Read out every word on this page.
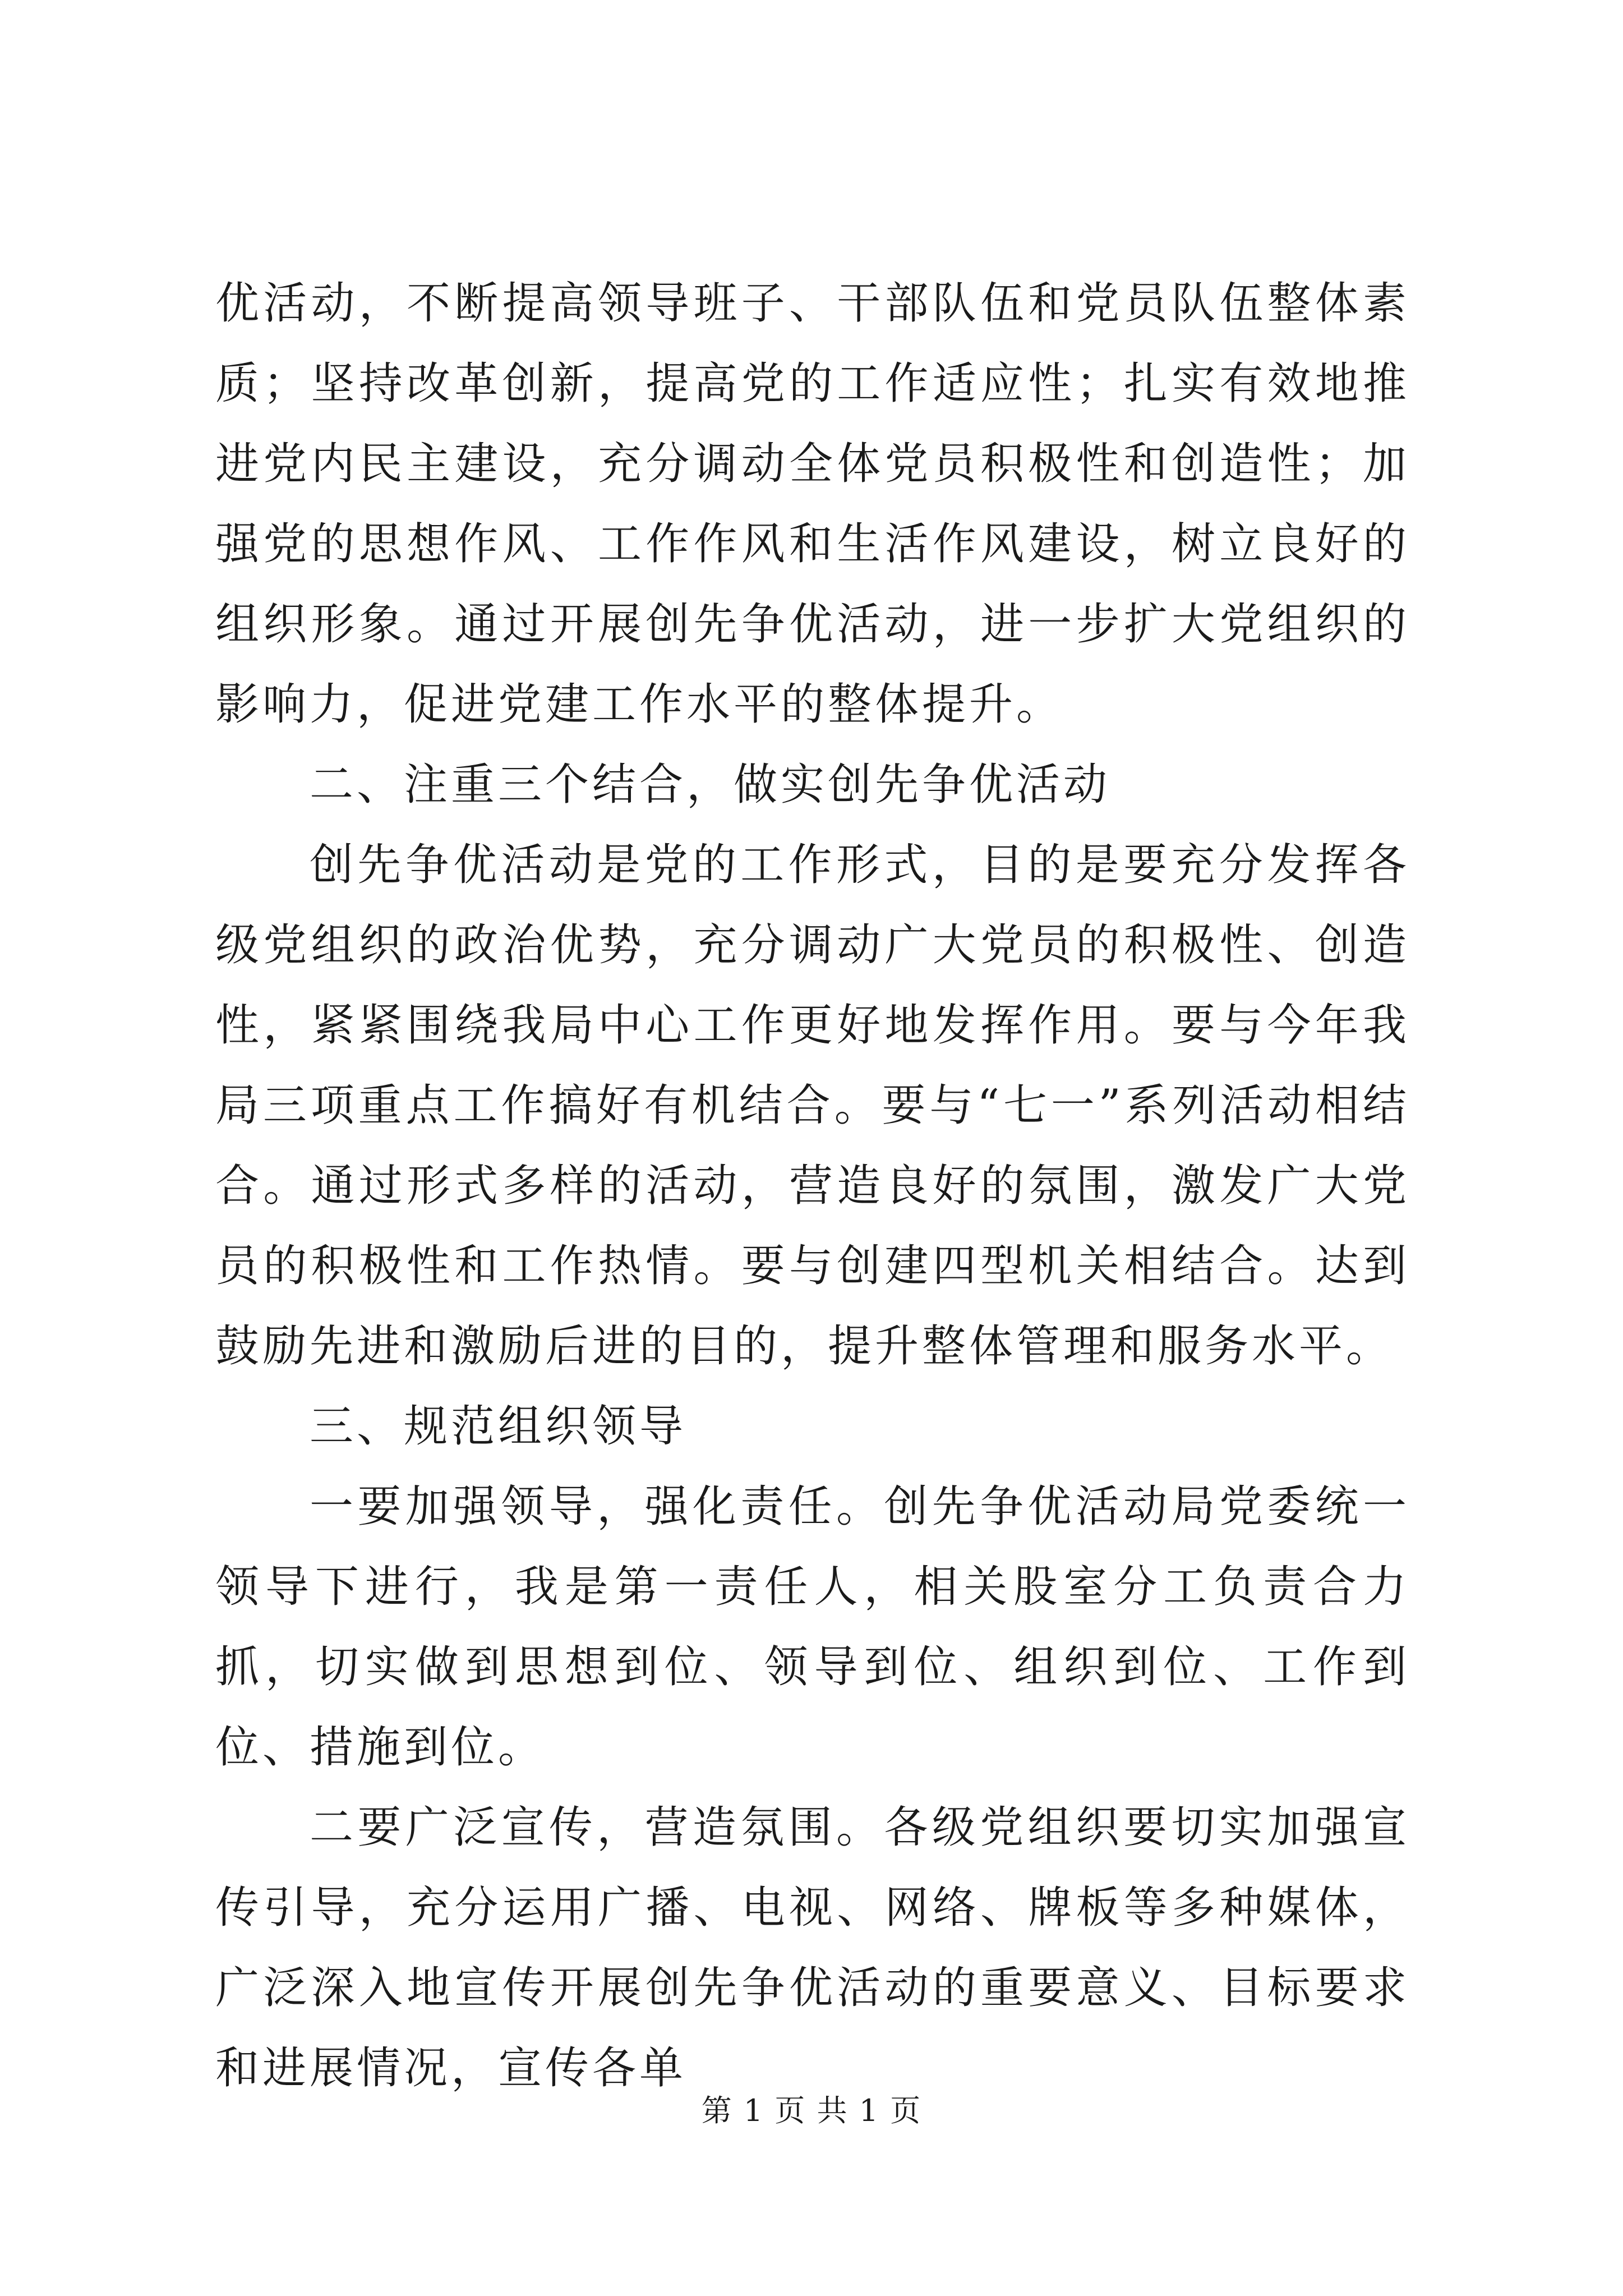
优活动，不断提高领导班子、干部队伍和党员队伍整体素质；坚持改革创新，提高党的工作适应性；扎实有效地推进党内民主建设，充分调动全体党员积极性和创造性；加强党的思想作风、工作作风和生活作风建设，树立良好的组织形象。通过开展创先争优活动，进一步扩大党组织的影响力，促进党建工作水平的整体提升。

二、注重三个结合，做实创先争优活动

创先争优活动是党的工作形式，目的是要充分发挥各级党组织的政治优势，充分调动广大党员的积极性、创造性，紧紧围绕我局中心工作更好地发挥作用。要与今年我局三项重点工作搞好有机结合。要与“七一”系列活动相结合。通过形式多样的活动，营造良好的氛围，激发广大党员的积极性和工作热情。要与创建四型机关相结合。达到鼓励先进和激励后进的目的，提升整体管理和服务水平。

三、规范组织领导

一要加强领导，强化责任。创先争优活动局党委统一领导下进行，我是第一责任人，相关股室分工负责合力抓，切实做到思想到位、领导到位、组织到位、工作到位、措施到位。

二要广泛宣传，营造氛围。各级党组织要切实加强宣传引导，充分运用广播、电视、网络、牌板等多种媒体，广泛深入地宣传开展创先争优活动的重要意义、目标要求和进展情况，宣传各单

第 1 页 共 1 页
